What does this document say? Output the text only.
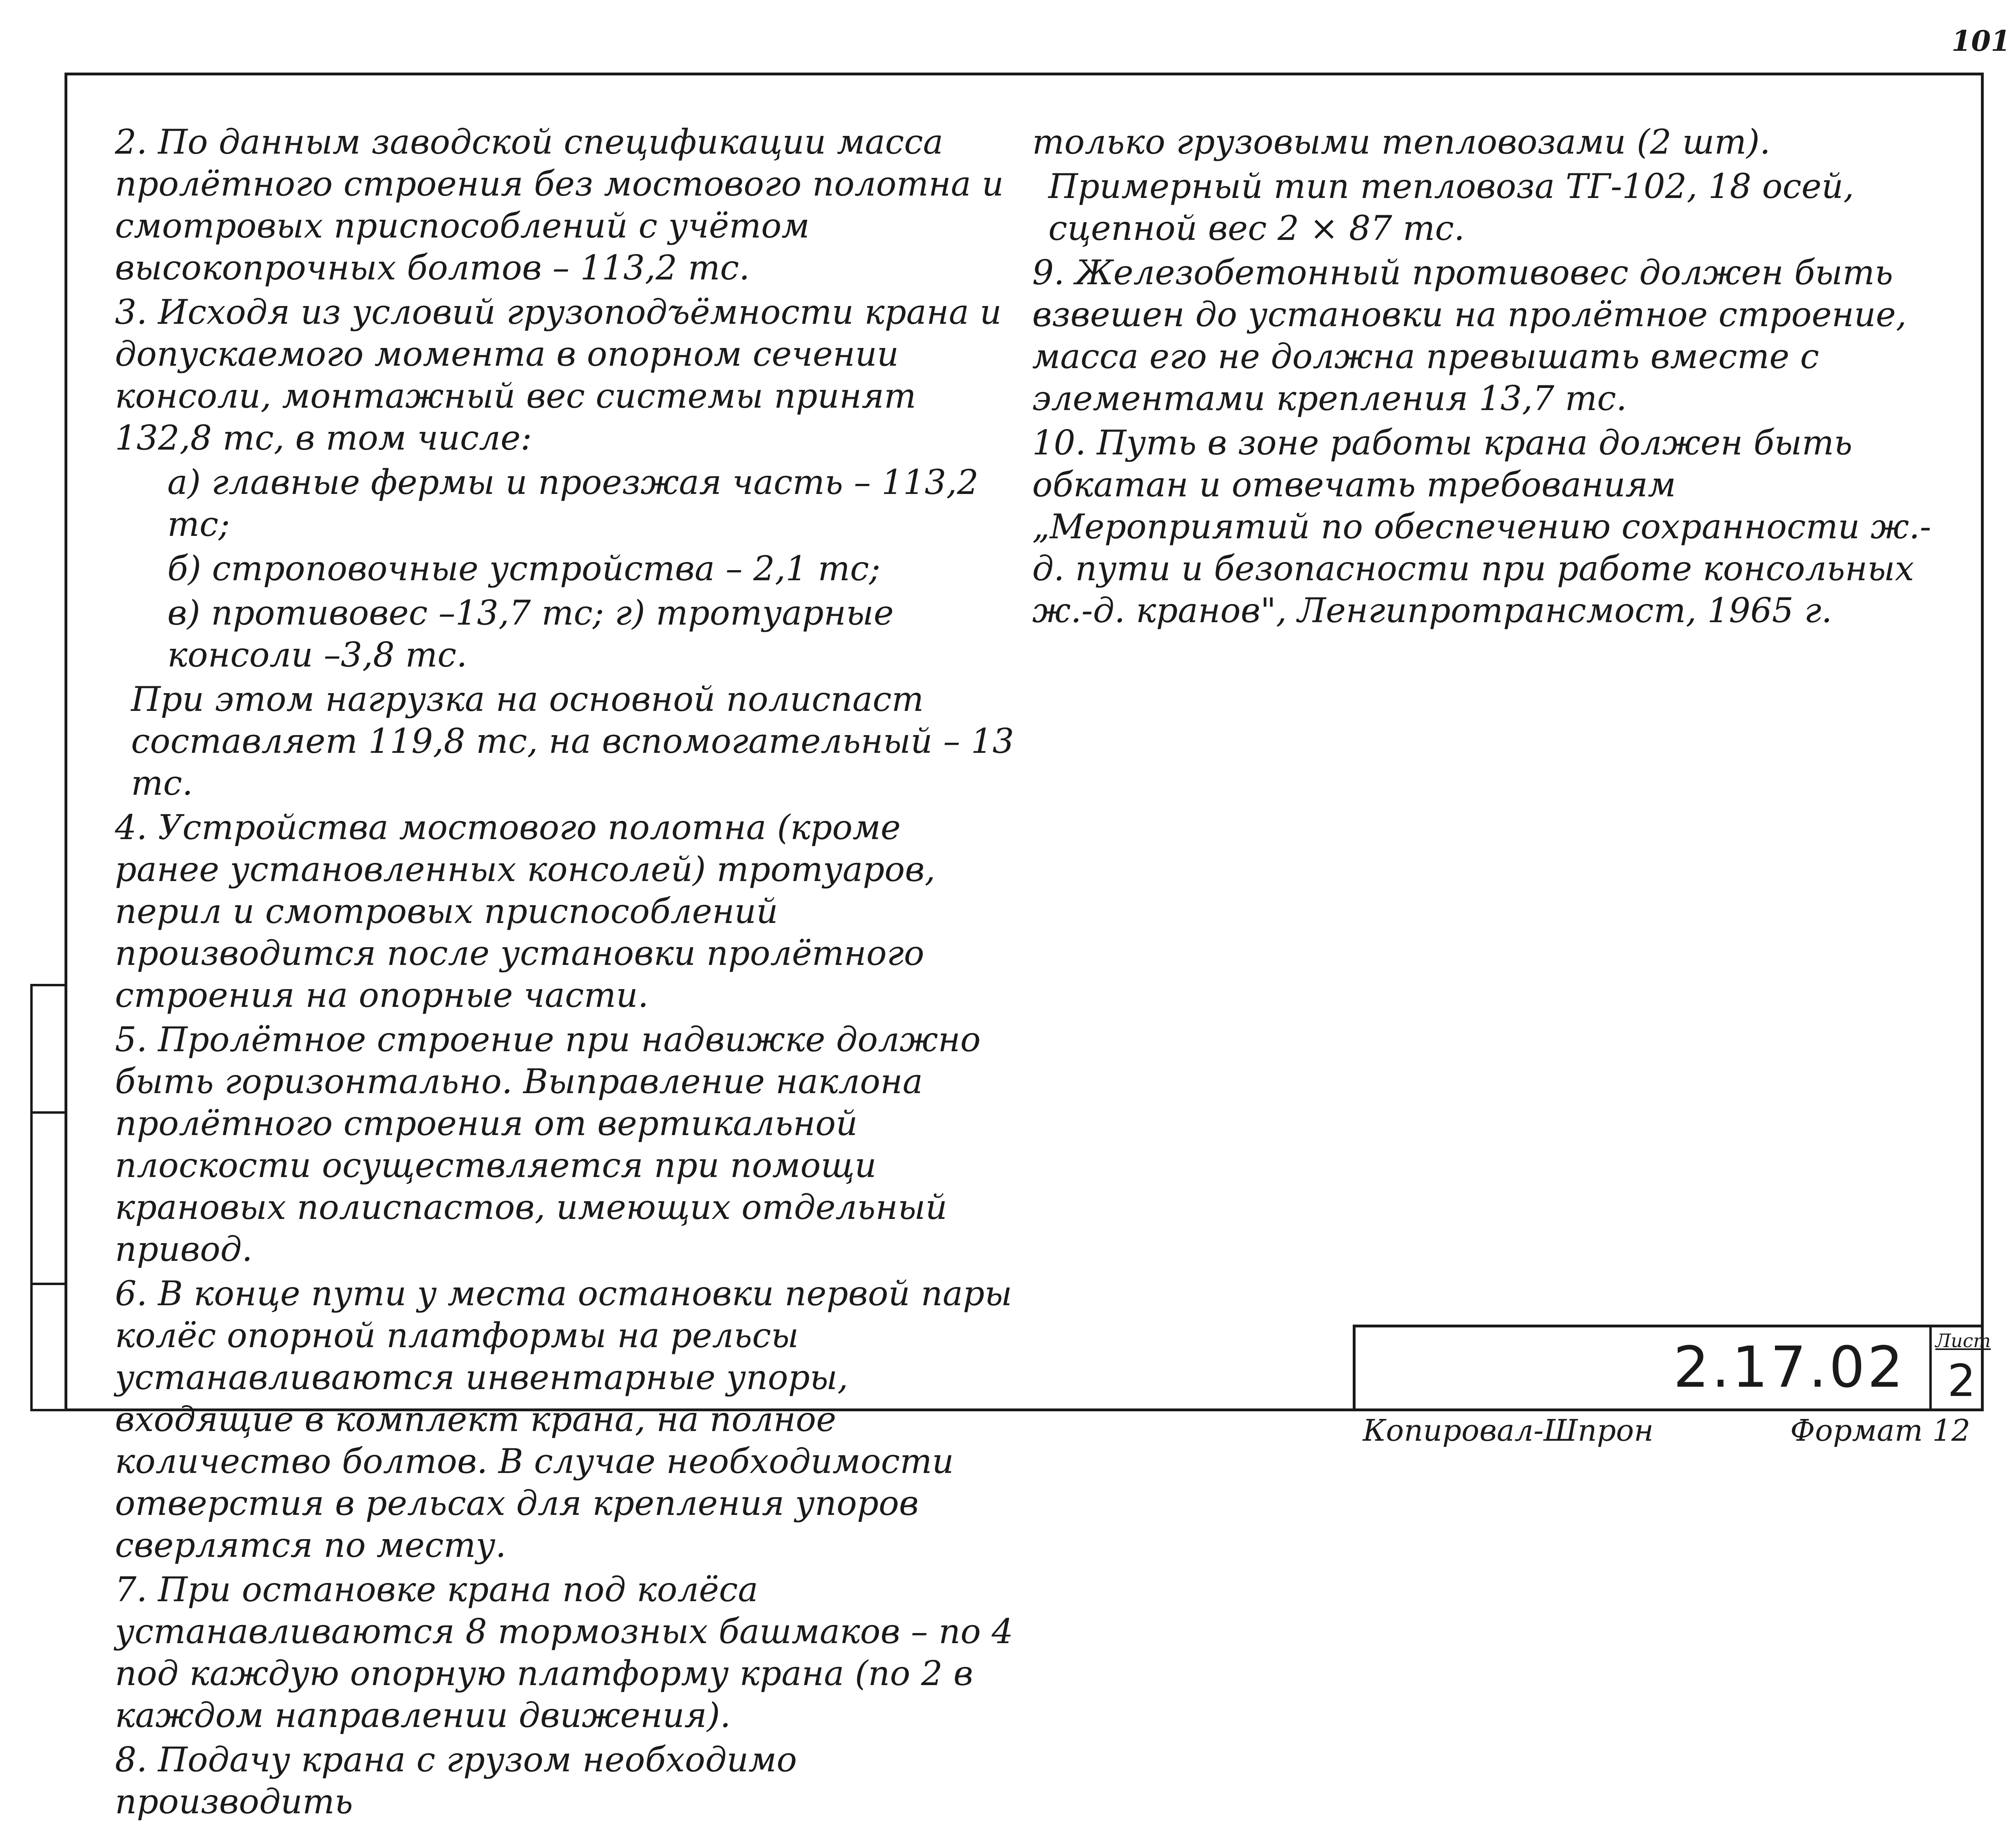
101

2. По данным заводской спецификации масса пролётного строения без мостового полотна и смотровых приспособлений с учётом высокопрочных болтов – 113,2 тс.

3. Исходя из условий грузоподъёмности крана и допускаемого момента в опорном сечении консоли, монтажный вес системы принят 132,8 тс, в том числе:

а) главные фермы и проезжая часть – 113,2 тс;

б) строповочные устройства – 2,1 тс;

в) противовес –13,7 тс; г) тротуарные консоли –3,8 тс.

При этом нагрузка на основной полиспаст составляет 119,8 тс, на вспомогательный – 13 тс.

4. Устройства мостового полотна (кроме ранее установленных консолей) тротуаров, перил и смотровых приспособлений производится после установки пролётного строения на опорные части.

5. Пролётное строение при надвижке должно быть горизонтально. Выправление наклона пролётного строения от вертикальной плоскости осуществляется при помощи крановых полиспастов, имеющих отдельный привод.

6. В конце пути у места остановки первой пары колёс опорной платформы на рельсы устанавливаются инвентарные упоры, входящие в комплект крана, на полное количество болтов. В случае необходимости отверстия в рельсах для крепления упоров сверлятся по месту.

7. При остановке крана под колёса устанавливаются 8 тормозных башмаков – по 4 под каждую опорную платформу крана (по 2 в каждом направлении движения).

8. Подачу крана с грузом необходимо производить

только грузовыми тепловозами (2 шт).

Примерный тип тепловоза ТГ-102, 18 осей, сцепной вес 2 × 87 тс.

9. Железобетонный противовес должен быть взвешен до установки на пролётное строение, масса его не должна превышать вместе с элементами крепления 13,7 тс.

10. Путь в зоне работы крана должен быть обкатан и отвечать требованиям „Мероприятий по обеспечению сохранности ж.-д. пути и безопасности при работе консольных ж.-д. кранов", Ленгипротрансмост, 1965 г.

2.17.02 Лист
2
Копировал-Шпрон	Формат 12
